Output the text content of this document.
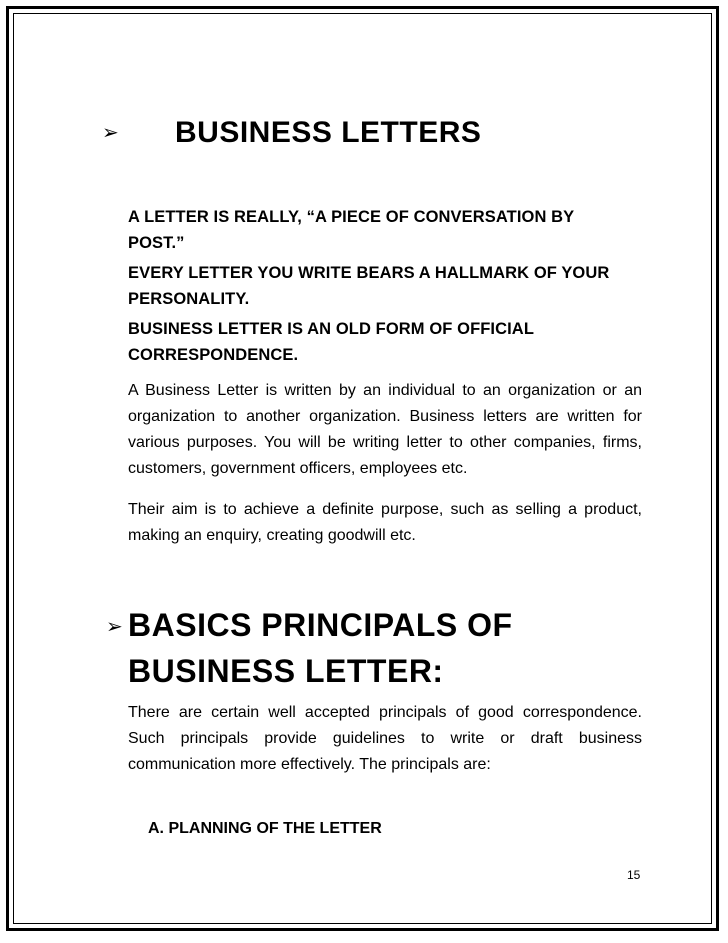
➢ BUSINESS LETTERS
A LETTER IS REALLY, “A PIECE OF CONVERSATION BY POST.”
EVERY LETTER YOU WRITE BEARS A HALLMARK OF YOUR PERSONALITY.
BUSINESS LETTER IS AN OLD FORM OF OFFICIAL CORRESPONDENCE.
A Business Letter is written by an individual to an organization or an organization to another organization. Business letters are written for various purposes. You will be writing letter to other companies, firms, customers, government officers, employees etc.
Their aim is to achieve a definite purpose, such as selling a product, making an enquiry, creating goodwill etc.
➢ BASICS PRINCIPALS OF BUSINESS LETTER:
There are certain well accepted principals of good correspondence. Such principals provide guidelines to write or draft business communication more effectively. The principals are:
A. PLANNING OF THE LETTER
15
